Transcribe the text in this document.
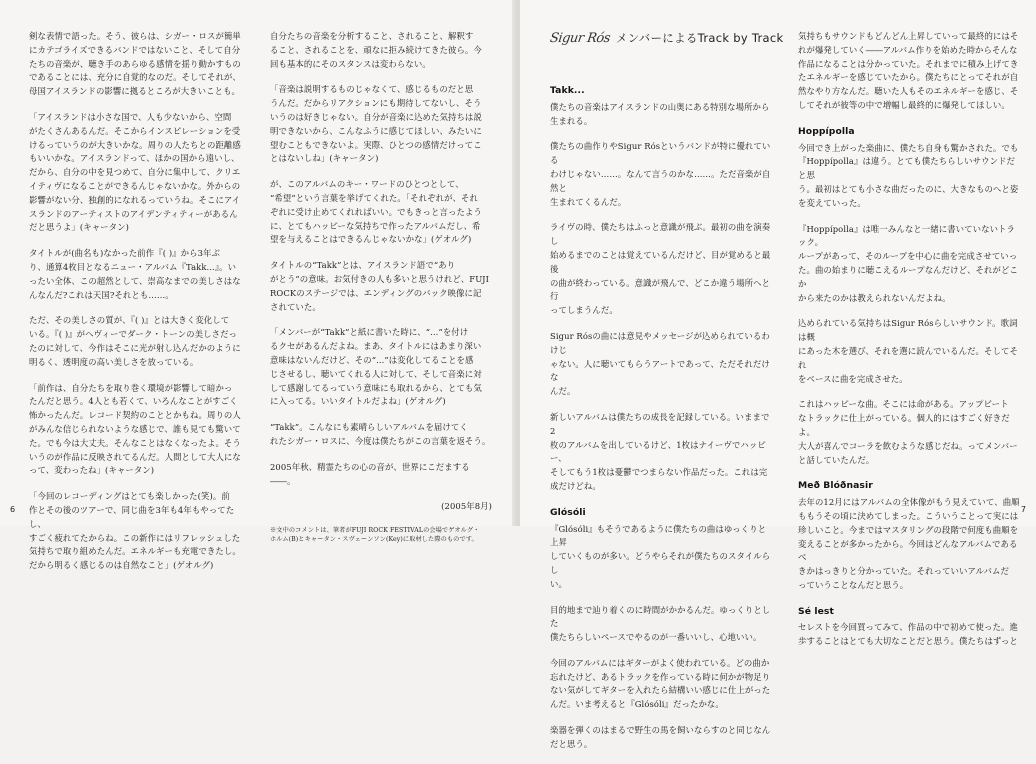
剣な表情で語った。そう、彼らは、シガー・ロスが簡単
にカテゴライズできるバンドではないこと、そして自分
たちの音楽が、聴き手のあらゆる感情を揺り動かすもの
であることには、充分に自覚的なのだ。そしてそれが、
母国アイスランドの影響に拠るところが大きいことも。

「アイスランドは小さな国で、人も少ないから、空間
がたくさんあるんだ。そこからインスピレーションを受
けるっていうのが大きいかな。周りの人たちとの距離感
もいいかな。アイスランドって、ほかの国から遠いし、
だから、自分の中を見つめて、自分に集中して、クリエ
イティヴになることができるんじゃないかな。外からの
影響がない分、独創的になれるっていうね。そこにアイ
スランドのアーティストのアイデンティティーがあるん
だと思うよ」(キャータン)

タイトルが(曲名も)なかった前作『( )』から3年ぶ
り、通算4枚目となるニュー・アルバム『Takk...』。い
ったい全体、この超然として、崇高なまでの美しさはな
んなんだ?これは天国?それとも……。

ただ、その美しさの質が、『( )』とは大きく変化して
いる。『( )』がヘヴィーでダーク・トーンの美しさだっ
たのに対して、今作はそこに光が射し込んだかのように
明るく、透明度の高い美しさを放っている。

「前作は、自分たちを取り巻く環境が影響して暗かっ
たんだと思う。4人とも若くて、いろんなことがすごく
怖かったんだ。レコード契約のこととかもね。周りの人
がみんな信じられないような感じで、誰も見ても驚いて
た。でも今は大丈夫。そんなことはなくなったよ。そう
いうのが作品に反映されてるんだ。人間として大人にな
って、変わったね」(キャータン)

「今回のレコーディングはとても楽しかった(笑)。前
作とその後のツアーで、同じ曲を3年も4年もやってたし、
すごく疲れてたからね。この新作にはリフレッシュした
気持ちで取り組めたんだ。エネルギーも充電できたし。
だから明るく感じるのは自然なこと」(ゲオルグ)

自分たちの音楽を分析すること、されること、解釈す
ること、されることを、頑なに拒み続けてきた彼ら。今
回も基本的にそのスタンスは変わらない。

「音楽は説明するものじゃなくて、感じるものだと思
うんだ。だからリアクションにも期待してないし、そう
いうのは好きじゃない。自分が音楽に込めた気持ちは説
明できないから、こんなふうに感じてほしい、みたいに
望むこともできないよ。実際、ひとつの感情だけってこ
とはないしね」(キャータン)

が、このアルバムのキー・ワードのひとつとして、
“希望”という言葉を挙げてくれた。「それぞれが、それ
ぞれに受け止めてくれればいい。でもきっと言ったよう
に、とてもハッピーな気持ちで作ったアルバムだし、希
望を与えることはできるんじゃないかな」(ゲオルグ)

タイトルの“Takk”とは、アイスランド語で“あり
がとう”の意味。お気付きの人も多いと思うけれど、FUJI
ROCKのステージでは、エンディングのバック映像に記
されていた。

「メンバーが“Takk”と紙に書いた時に、“...”を付け
るクセがあるんだよね。まあ、タイトルにはあまり深い
意味はないんだけど、その“...”は変化してることを感
じさせるし、聴いてくれる人に対して、そして音楽に対
して感謝してるっていう意味にも取れるから、とても気
に入ってる。いいタイトルだよね」(ゲオルグ)

“Takk”。こんなにも素晴らしいアルバムを届けてく
れたシガー・ロスに、今度は僕たちがこの言葉を返そう。

2005年秋、精霊たちの心の音が、世界にこだまする――。

(2005年8月)

※文中のコメントは、筆者がFUJI ROCK FESTIVALの会場でゲオルグ・
ホルム(B)とキャータン・スヴェーンソン(Key)に取材した際のものです。

6
Sigur Rós メンバーによるTrack by Track
Takk...

僕たちの音楽はアイスランドの山奥にある特別な場所から
生まれる。

僕たちの曲作りやSigur Rósというバンドが特に優れている
わけじゃない……。なんて言うのかな……。ただ音楽が自然と
生まれてくるんだ。

ライヴの時、僕たちはふっと意識が飛ぶ。最初の曲を演奏し
始めるまでのことは覚えているんだけど、目が覚めると最後
の曲が終わっている。意識が飛んで、どこか違う場所へと行
ってしまうんだ。

Sigur Rósの曲には意見やメッセージが込められているわけじ
ゃない。人に聴いてもらうアートであって、ただそれだけな
んだ。

新しいアルバムは僕たちの成長を記録している。いままで2
枚のアルバムを出しているけど、1枚はナイーヴでハッピー、
そしてもう1枚は憂鬱でつまらない作品だった。これは完
成だけどね。

Glósóli

『Glósóli』もそうであるように僕たちの曲はゆっくりと上昇
していくものが多い。どうやらそれが僕たちのスタイルらし
い。

目的地まで辿り着くのに時間がかかるんだ。ゆっくりとした
僕たちらしいペースでやるのが一番いいし、心地いい。

今回のアルバムにはギターがよく使われている。どの曲か
忘れたけど、あるトラックを作っている時に何かが物足り
ない気がしてギターを入れたら結構いい感じに仕上がった
んだ。いま考えると『Glósóli』だったかな。

楽器を弾くのはまるで野生の馬を飼いならすのと同じなん
だと思う。

気持ちもサウンドもどんどん上昇していって最終的にはそ
れが爆発していく――アルバム作りを始めた時からそんな
作品になることは分かっていた。それまでに積み上げてき
たエネルギーを感じていたから。僕たちにとってそれが自
然なやり方なんだ。聴いた人もそのエネルギーを感じ、そ
してそれが彼等の中で増幅し最終的に爆発してほしい。

Hoppípolla

今回でき上がった楽曲に、僕たち自身も驚かされた。でも
『Hoppípolla』は違う。とても僕たちらしいサウンドだと思
う。最初はとても小さな曲だったのに、大きなものへと姿
を変えていった。

『Hoppípolla』は唯一みんなと一緒に書いていないトラック。
ループがあって、そのループを中心に曲を完成させていっ
た。曲の始まりに聴こえるループなんだけど、それがどこか
から来たのかは教えられないんだよね。

込められている気持ちはSigur Rósらしいサウンド。歌詞は概
にあった木を選び、それを選に読んでいるんだ。そしてそれ
をベースに曲を完成させた。

これはハッピーな曲。そこには命がある。アップビート
なトラックに仕上がっている。個人的にはすごく好きだよ。
大人が喜んでコーラを飲むような感じだね。ってメンバー
と話していたんだ。

Með Blóðnasir

去年の12月にはアルバムの全体像がもう見えていて、曲順
ももうその頃に決めてしまった。こういうことって実には
珍しいこと。今まではマスタリングの段階で何度も曲順を
変えることが多かったから。今回はどんなアルバムであるべ
きかはっきりと分かっていた。それっていいアルバムだ
っていうことなんだと思う。

Sé lest

セレストを今回買ってみて、作品の中で初めて使った。進
歩することはとても大切なことだと思う。僕たちはずっと

7
